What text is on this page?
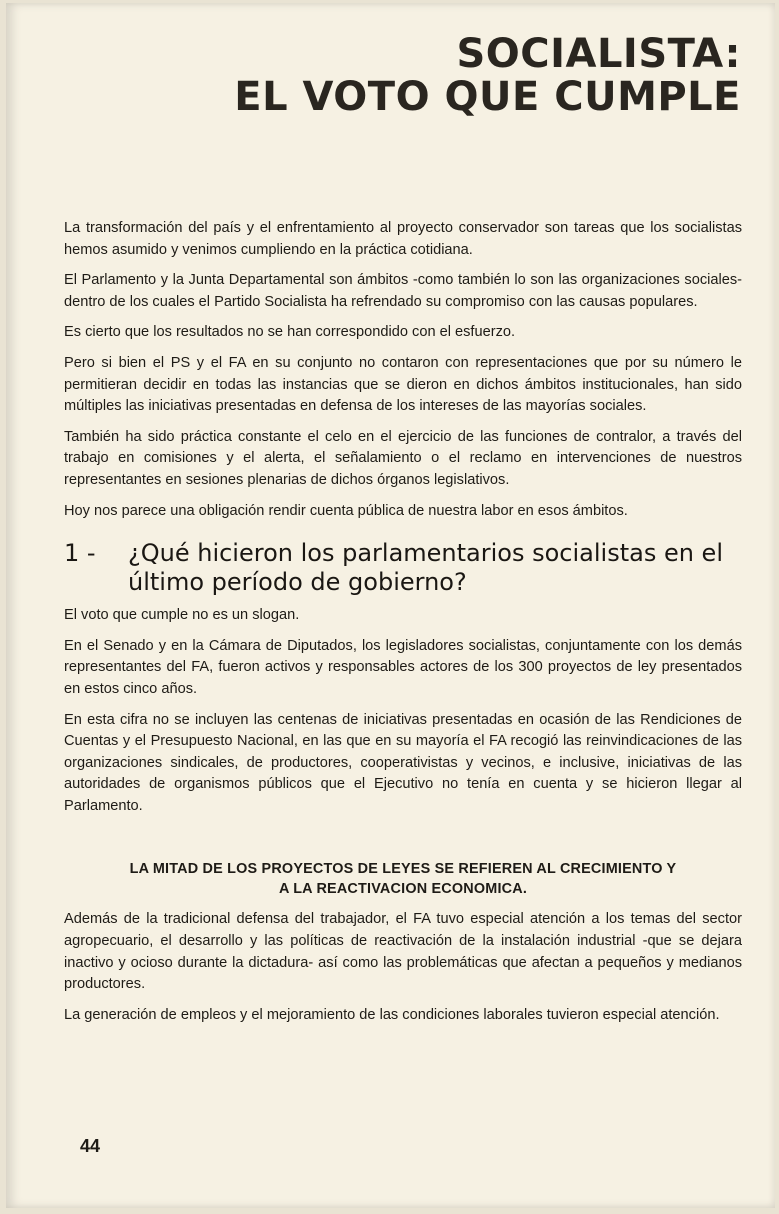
SOCIALISTA:
EL VOTO QUE CUMPLE

La transformación del país y el enfrentamiento al proyecto conservador son tareas que los socialistas hemos asumido y venimos cumpliendo en la práctica cotidiana.

El Parlamento y la Junta Departamental son ámbitos -como también lo son las organizaciones sociales- dentro de los cuales el Partido Socialista ha refrendado su compromiso con las causas populares.

Es cierto que los resultados no se han correspondido con el esfuerzo.

Pero si bien el PS y el FA en su conjunto no contaron con representaciones que por su número le permitieran decidir en todas las instancias que se dieron en dichos ámbitos institucionales, han sido múltiples las iniciativas presentadas en defensa de los intereses de las mayorías sociales.

También ha sido práctica constante el celo en el ejercicio de las funciones de contralor, a través del trabajo en comisiones y el alerta, el señalamiento o el reclamo en intervenciones de nuestros representantes en sesiones plenarias de dichos órganos legislativos.

Hoy nos parece una obligación rendir cuenta pública de nuestra labor en esos ámbitos.

1 -	¿Qué hicieron los parlamentarios socialistas en el último período de gobierno?

El voto que cumple no es un slogan.

En el Senado y en la Cámara de Diputados, los legisladores socialistas, conjuntamente con los demás representantes del FA, fueron activos y responsables actores de los 300 proyectos de ley presentados en estos cinco años.

En esta cifra no se incluyen las centenas de iniciativas presentadas en ocasión de las Rendiciones de Cuentas y el Presupuesto Nacional, en las que en su mayoría el FA recogió las reinvindicaciones de las organizaciones sindicales, de productores, cooperativistas y vecinos, e inclusive, iniciativas de las autoridades de organismos públicos que el Ejecutivo no tenía en cuenta y se hicieron llegar al Parlamento.

LA MITAD DE LOS PROYECTOS DE LEYES SE REFIEREN AL CRECIMIENTO Y
A LA REACTIVACION ECONOMICA.

Además de la tradicional defensa del trabajador, el FA tuvo especial atención a los temas del sector agropecuario, el desarrollo y las políticas de reactivación de la instalación industrial -que se dejara inactivo y ocioso durante la dictadura- así como las problemáticas que afectan a pequeños y medianos productores.

La generación de empleos y el mejoramiento de las condiciones laborales tuvieron especial atención.

44
